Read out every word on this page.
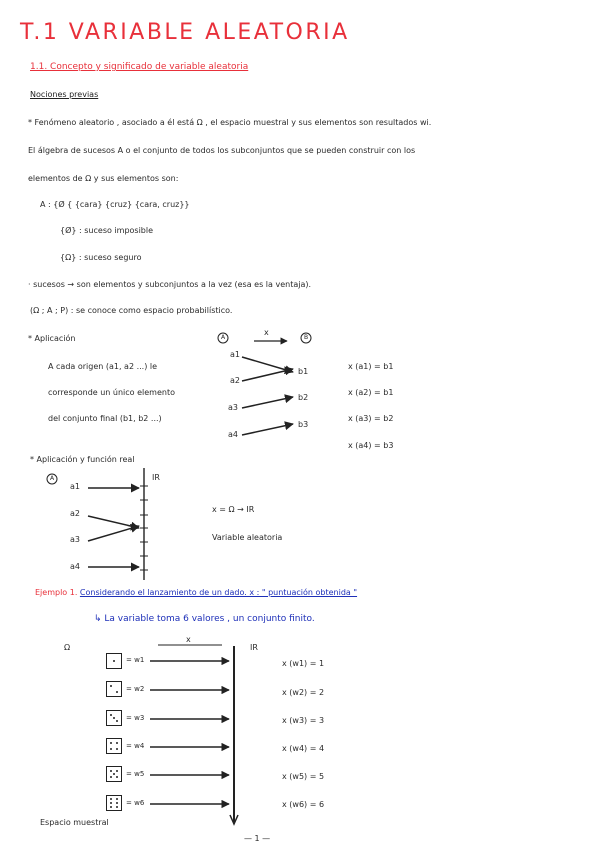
T.1 VARIABLE ALEATORIA
1.1. Concepto y significado de variable aleatoria
Nociones previas
* Fenómeno aleatorio , asociado a él está Ω , el espacio muestral y sus elementos son resultados wi.
El álgebra de sucesos A o el conjunto de todos los subconjuntos que se pueden construir con los
elementos de Ω y sus elementos son:
A : {Ø { {cara} {cruz} {cara, cruz}}
{Ø} : suceso imposible
{Ω} : suceso seguro
· sucesos → son elementos y subconjuntos a la vez (esa es la ventaja).
(Ω ; A ; P) : se conoce como espacio probabilístico.
* Aplicación
A cada origen (a1, a2 ...) le
corresponde un único elemento
del conjunto final (b1, b2 ...)
A	B
x
a1
a2
a3
a4
b1
b2
b3
x (a1) = b1
x (a2) = b1
x (a3) = b2
x (a4) = b3
* Aplicación y función real
A	IR
a1
a2
a3
a4
x = Ω → IR
Variable aleatoria
Ejemplo 1. Considerando el lanzamiento de un dado. x : " puntuación obtenida "
↳ La variable toma 6 valores , un conjunto finito.
Ω
x
IR
= w1
= w2
= w3
= w4
= w5
= w6
x (w1) = 1
x (w2) = 2
x (w3) = 3
x (w4) = 4
x (w5) = 5
x (w6) = 6
Espacio muestral
— 1 —
